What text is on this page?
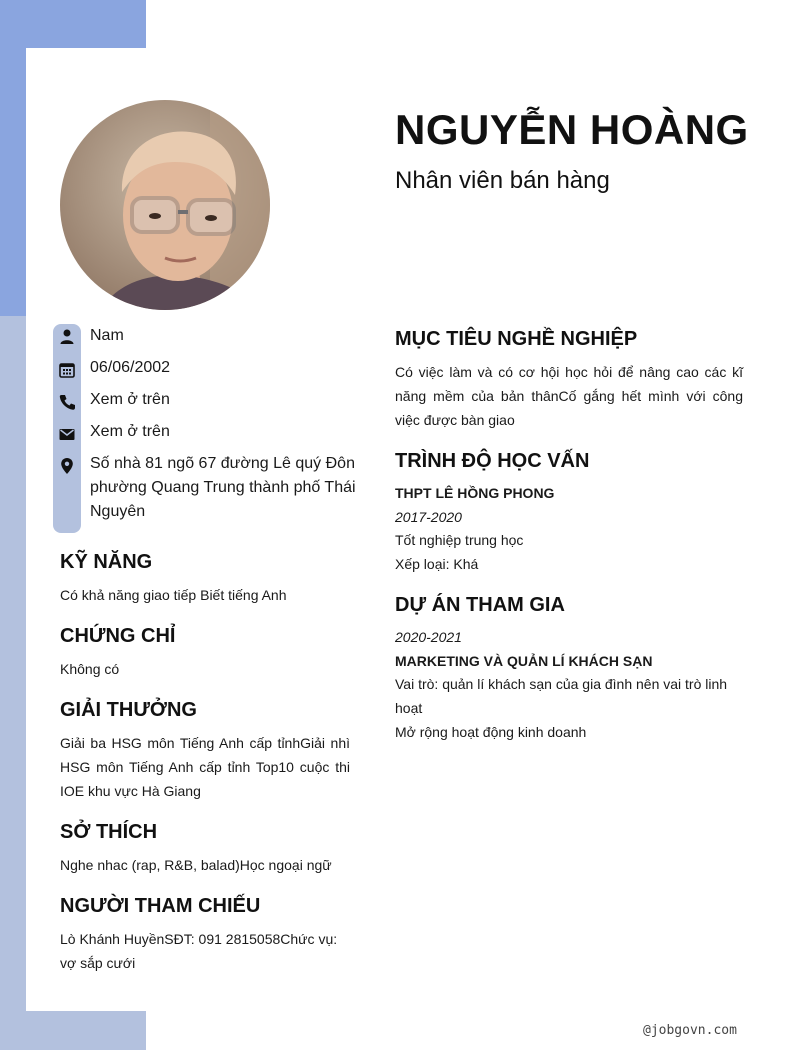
NGUYỄN HOÀNG
Nhân viên bán hàng
Nam
06/06/2002
Xem ở trên
Xem ở trên
Số nhà 81 ngõ 67 đường Lê quý Đôn phường Quang Trung thành phố Thái Nguyên
KỸ NĂNG
Có khả năng giao tiếp Biết tiếng Anh
CHỨNG CHỈ
Không có
GIẢI THƯỞNG
Giải ba HSG môn Tiếng Anh cấp tỉnhGiải nhì HSG môn Tiếng Anh cấp tỉnh Top10 cuộc thi IOE khu vực Hà Giang
SỞ THÍCH
Nghe nhac (rap, R&B, balad)Học ngoại ngữ
NGƯỜI THAM CHIẾU
Lò Khánh HuyềnSĐT: 091 2815058Chức vụ: vợ sắp cưới
MỤC TIÊU NGHỀ NGHIỆP
Có việc làm và có cơ hội học hỏi để nâng cao các kĩ năng mềm của bản thânCố gắng hết mình với công việc được bàn giao
TRÌNH ĐỘ HỌC VẤN
THPT LÊ HỒNG PHONG
2017-2020
Tốt nghiệp trung học
Xếp loại: Khá
DỰ ÁN THAM GIA
2020-2021
MARKETING VÀ QUẢN LÍ KHÁCH SẠN
Vai trò: quản lí khách sạn của gia đình nên vai trò linh hoạt
Mở rộng hoạt động kinh doanh
@jobgovn.com
